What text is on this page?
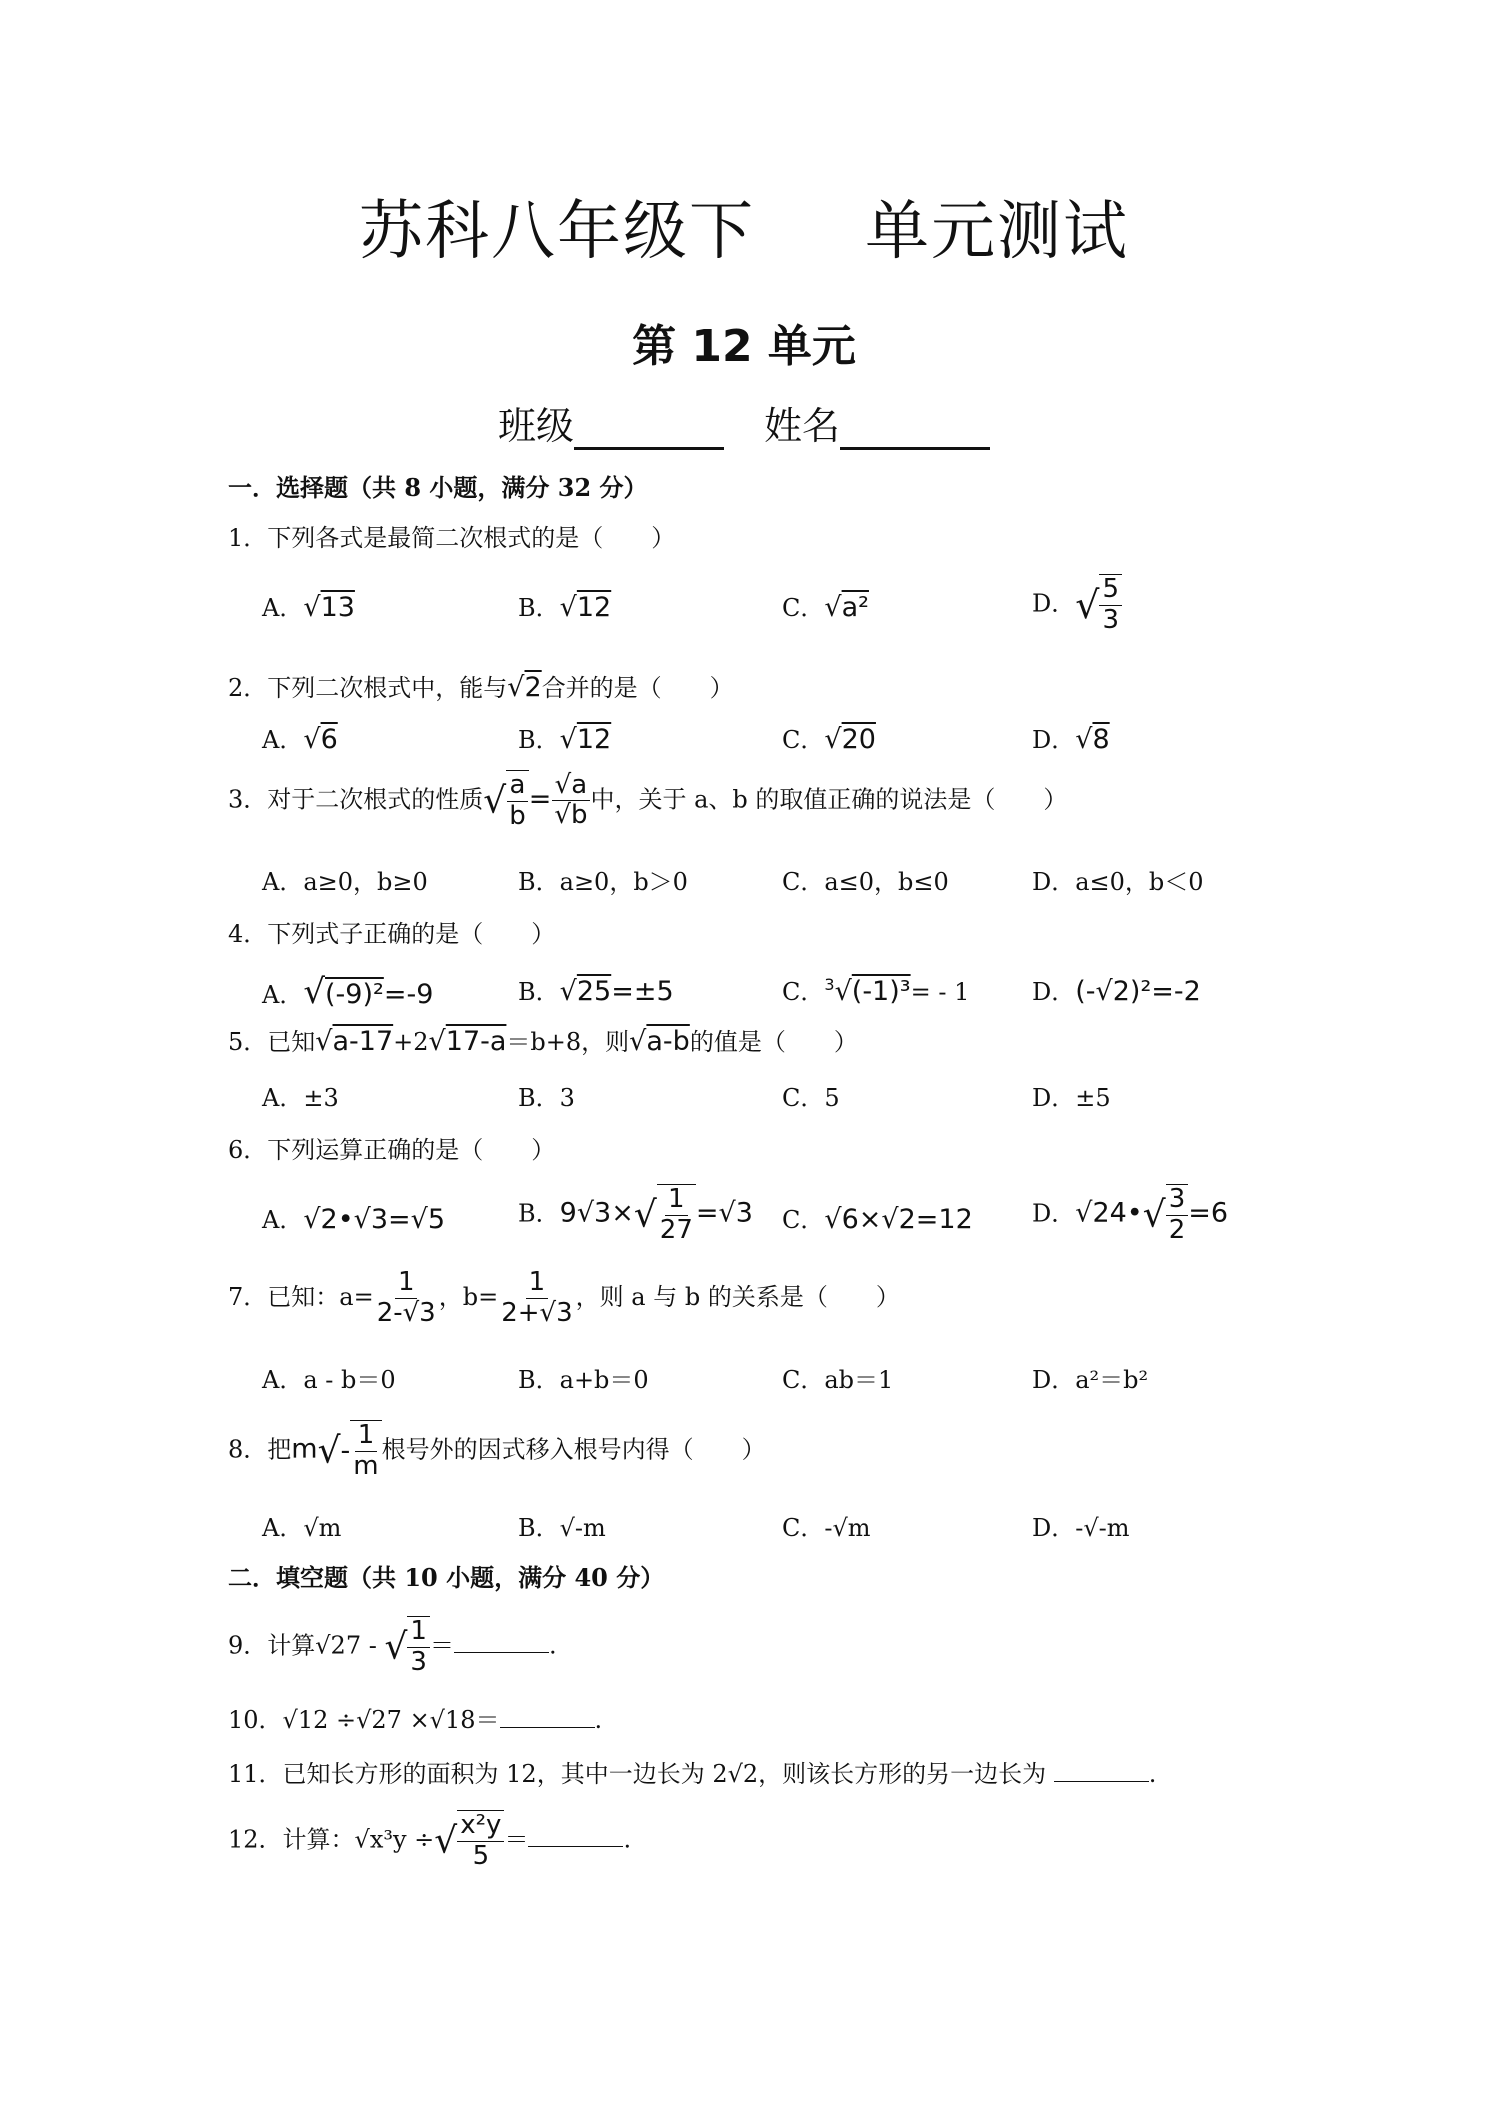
苏科八年级下 单元测试
第 12 单元
班级	姓名
一．选择题（共 8 小题，满分 32 分）
1．下列各式是最简二次根式的是（　　）
A．√13	B．√12	C．√a²	D．√ $\frac{5}{3}$
2．下列二次根式中，能与√2合并的是（　　）
A．√6	B．√12	C．√20	D．√8
3．对于二次根式的性质√ $\frac{a}{b} = \frac{√a}{√b}$ 中，关于 a、b 的取值正确的说法是（　　）
A．a≥0，b≥0	B．a≥0，b＞0	C．a≤0，b≤0	D．a≤0，b＜0
4．下列式子正确的是（　　）
A．√(-9)²=-9	B．√25=±5	C．$^3$√(-1)³= - 1	D．(-√2)²=-2
5．已知√a-17+2√17-a＝b+8，则√a-b的值是（　　）
A．±3	B．3	C．5	D．±5
6．下列运算正确的是（　　）
A．√2•√3=√5	B．$9√3\times√ \frac{1}{27} =√3$ C．√6×√2=12 D．√24•√ $\frac{3}{2} =6$
7．已知：$a= \frac{1}{2-√3}$ ，$b= \frac{1}{2+√3}$ ，则 a 与 b 的关系是（　　）
A．a - b＝0	B．a+b＝0	C．ab＝1	D．a²＝b²
8．把$m√- \frac{1}{m}$ 根号外的因式移入根号内得（　　）
A．√m	B．√-m	C．-√m	D．-√-m
二．填空题（共 10 小题，满分 40 分）
9．计算√27 - √ $\frac{1}{3}$ ＝	.
10．√12 ÷√27 ×√18＝	.
11．已知长方形的面积为 12，其中一边长为 2√2，则该长方形的另一边长为	.
12．计算：√x³y ÷√ $\frac{\text{x²y}}{5}$ ＝	.
